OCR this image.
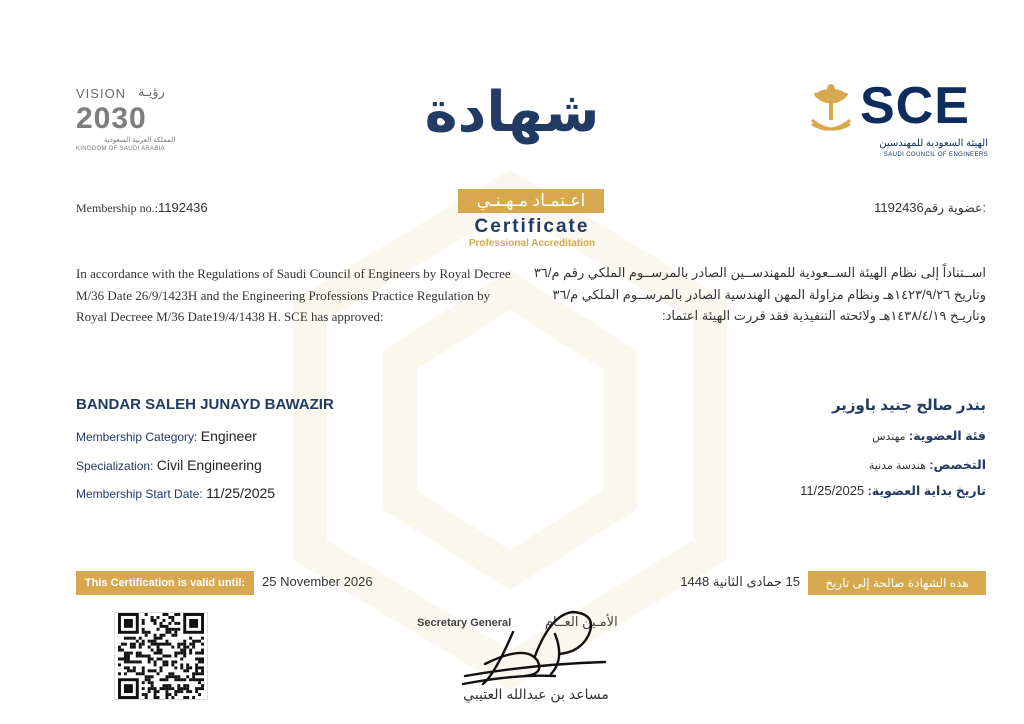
VISION رؤيـة
2030
المملكة العربية السعودية
KINGDOM OF SAUDI ARABIA
SCE
الهيئة السعودية للمهندسين
SAUDI COUNCIL OF ENGINEERS
شهادة
اعـتمـاد مـهـنـي
Certificate
Professional Accreditation
Membership no.:1192436	1192436عضوية رقم:
In accordance with the Regulations of Saudi Council of Engineers by Royal Decree M/36 Date 26/9/1423H and the Engineering Professions Practice Regulation by Royal Decreee M/36 Date19/4/1438 H. SCE has approved:
اســتناداً إلى نظام الهيئة الســعودية للمهندســين الصادر بالمرســوم الملكي رقم م/٣٦ وتاريخ ١٤٢٣/٩/٢٦هـ ونظام مزاولة المهن الهندسية الصادر بالمرســوم الملكي م/٣٦ وتاريـخ ١٤٣٨/٤/١٩هـ ولائحته التنفيذية فقد قررت الهيئة اعتماد:
BANDAR SALEH JUNAYD BAWAZIR	بندر صالح جنيد باوزير
Membership Category: Engineer
Specialization: Civil Engineering
Membership Start Date: 11/25/2025
فئة العضوية: مهندس
التخصص: هندسة مدنية
تاريخ بداية العضوية: 11/25/2025
This Certification is valid until:	25 November 2026	هذه الشهادة صالحة إلى تاريخ
15 جمادى الثانية 1448
Secretary General	الأمـين العــام
مساعد بن عبدالله العتيبي
